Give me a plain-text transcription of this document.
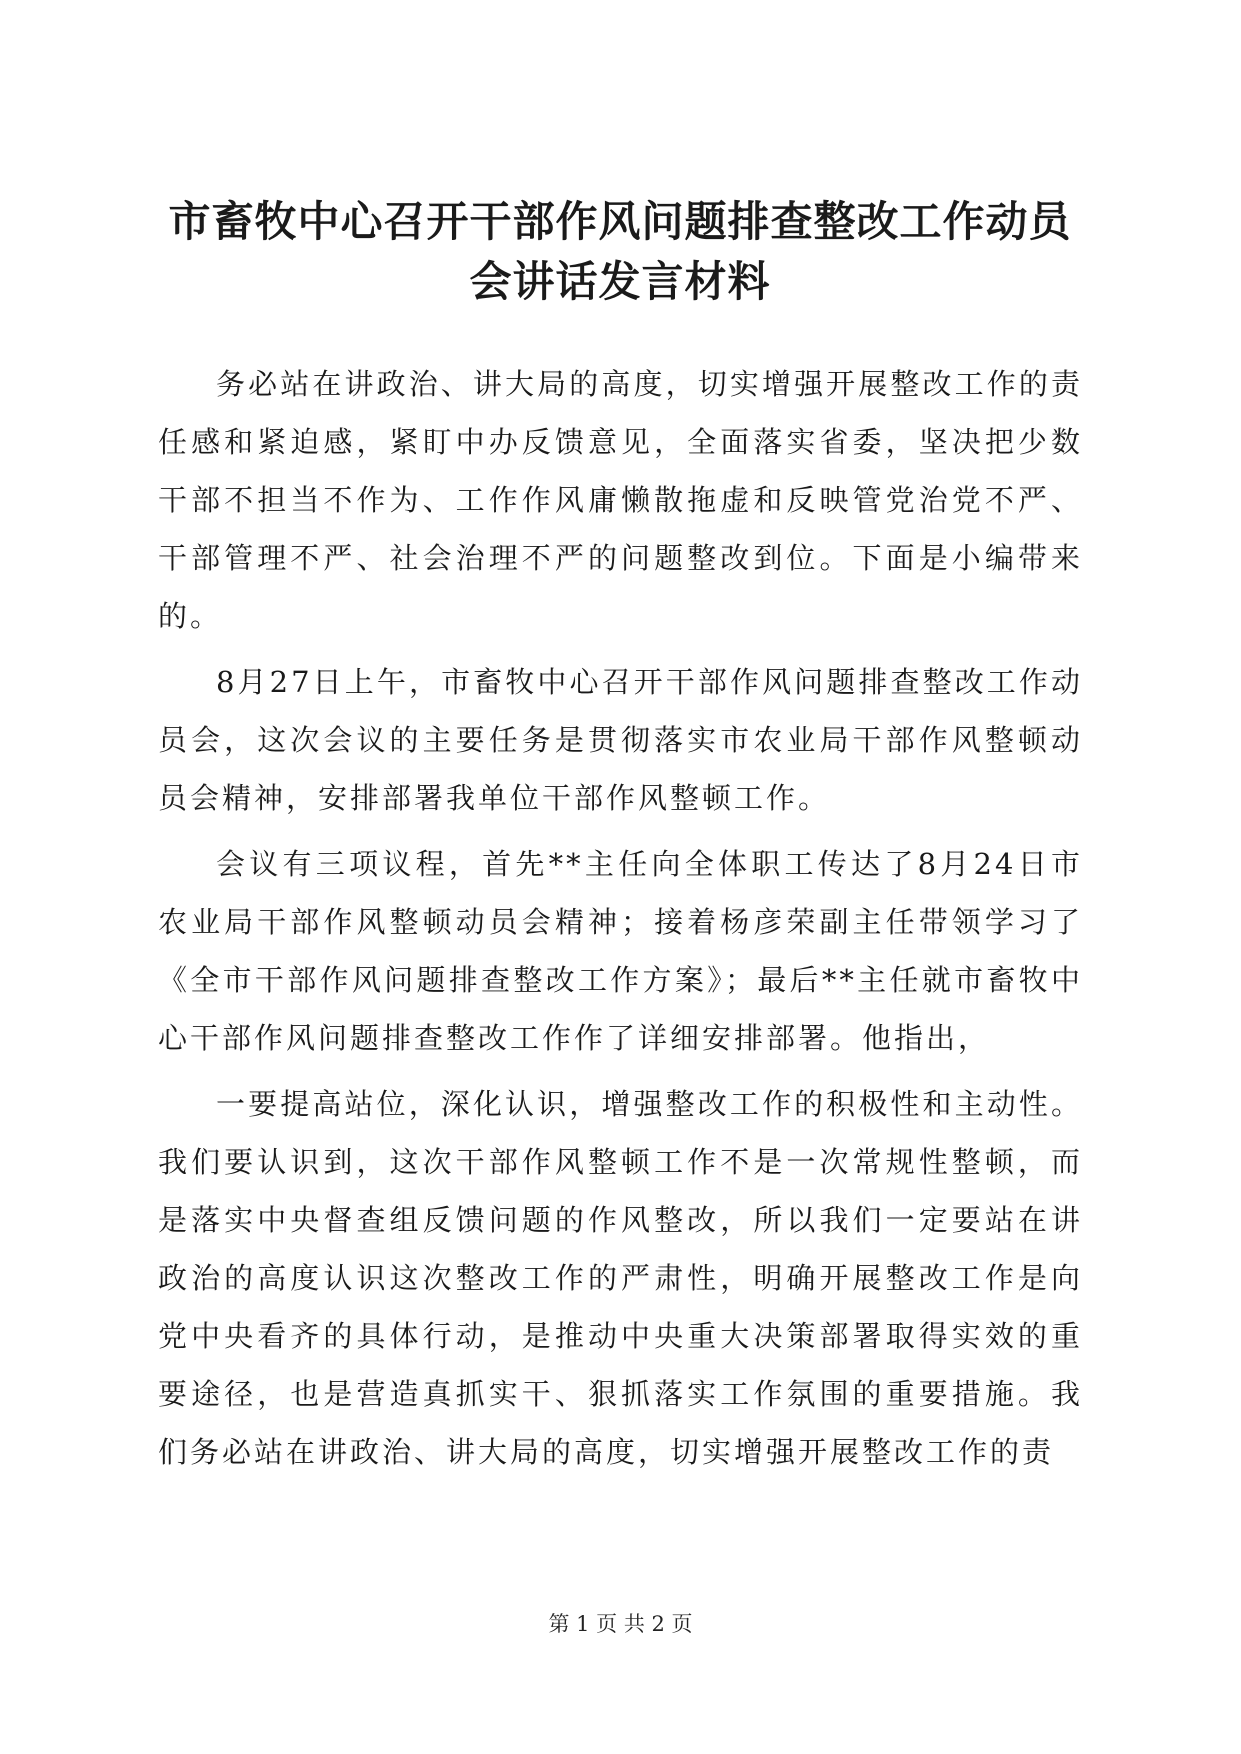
市畜牧中心召开干部作风问题排查整改工作动员会讲话发言材料

务必站在讲政治、讲大局的高度，切实增强开展整改工作的责任感和紧迫感，紧盯中办反馈意见，全面落实省委，坚决把少数干部不担当不作为、工作作风庸懒散拖虚和反映管党治党不严、干部管理不严、社会治理不严的问题整改到位。下面是小编带来的。

8月27日上午，市畜牧中心召开干部作风问题排查整改工作动员会，这次会议的主要任务是贯彻落实市农业局干部作风整顿动员会精神，安排部署我单位干部作风整顿工作。

会议有三项议程，首先**主任向全体职工传达了8月24日市农业局干部作风整顿动员会精神；接着杨彦荣副主任带领学习了《全市干部作风问题排查整改工作方案》；最后**主任就市畜牧中心干部作风问题排查整改工作作了详细安排部署。他指出，

一要提高站位，深化认识，增强整改工作的积极性和主动性。我们要认识到，这次干部作风整顿工作不是一次常规性整顿，而是落实中央督查组反馈问题的作风整改，所以我们一定要站在讲政治的高度认识这次整改工作的严肃性，明确开展整改工作是向党中央看齐的具体行动，是推动中央重大决策部署取得实效的重要途径，也是营造真抓实干、狠抓落实工作氛围的重要措施。我们务必站在讲政治、讲大局的高度，切实增强开展整改工作的责

第 1 页 共 2 页
